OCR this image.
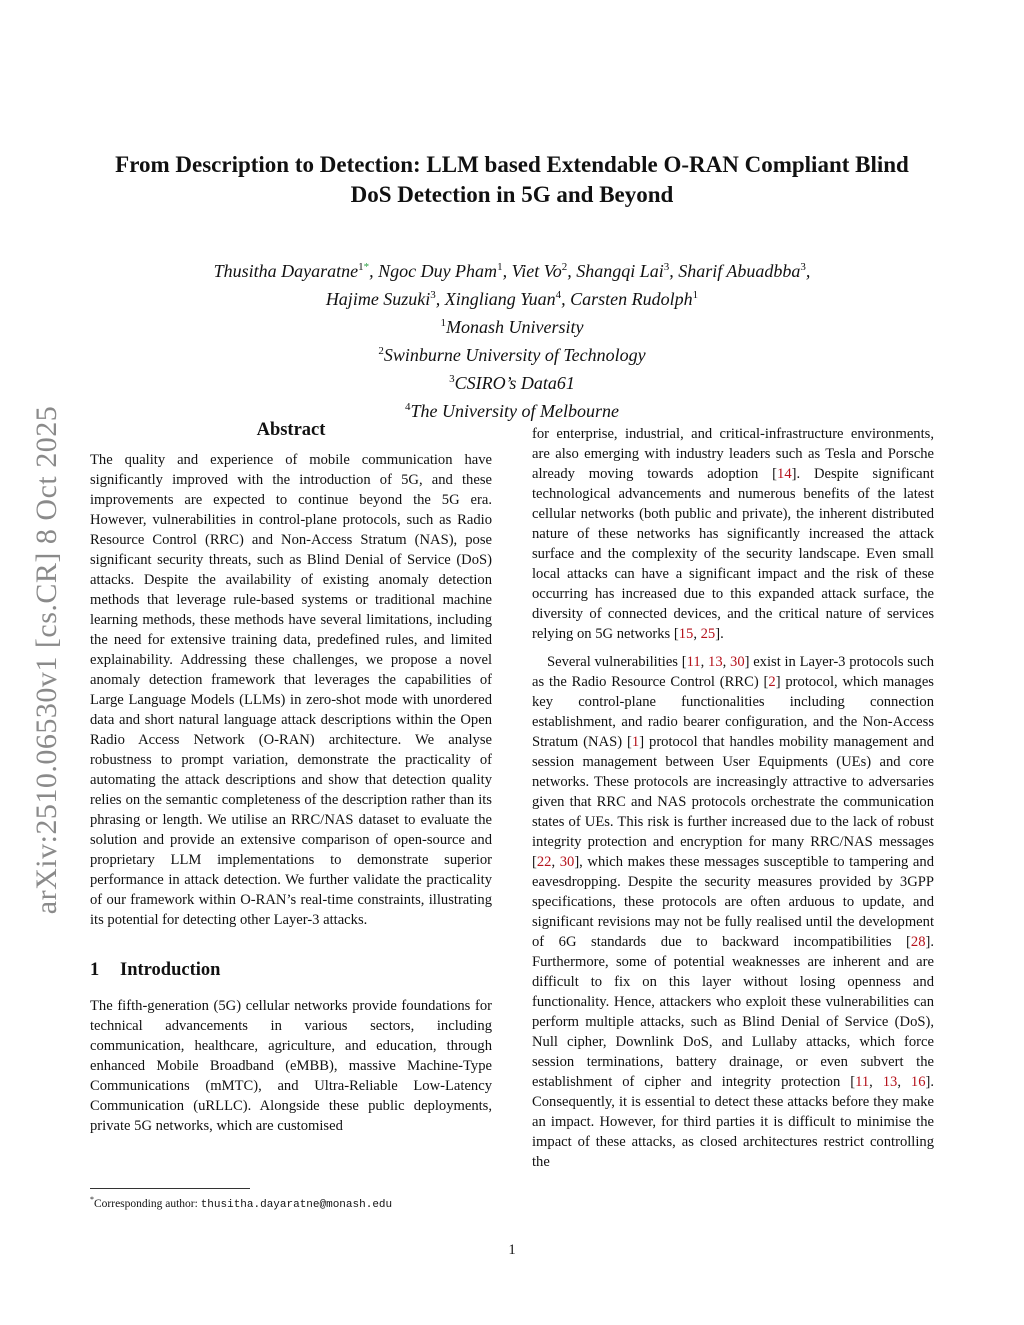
arXiv:2510.06530v1 [cs.CR] 8 Oct 2025
From Description to Detection: LLM based Extendable O-RAN Compliant Blind
DoS Detection in 5G and Beyond
Thusitha Dayaratne$^{1*}$, Ngoc Duy Pham$^1$, Viet Vo$^2$, Shangqi Lai$^3$, Sharif Abuadbba$^3$,
Hajime Suzuki$^3$, Xingliang Yuan$^4$, Carsten Rudolph$^1$
$^1$Monash University
$^2$Swinburne University of Technology
$^3$CSIRO’s Data61
$^4$The University of Melbourne
Abstract

The quality and experience of mobile communication have significantly improved with the introduction of 5G, and these improvements are expected to continue beyond the 5G era. However, vulnerabilities in control-plane protocols, such as Radio Resource Control (RRC) and Non-Access Stratum (NAS), pose significant security threats, such as Blind Denial of Service (DoS) attacks. Despite the availability of existing anomaly detection methods that leverage rule-based systems or traditional machine learning methods, these methods have several limitations, including the need for extensive training data, predefined rules, and limited explainability. Addressing these challenges, we propose a novel anomaly detection framework that leverages the capabilities of Large Language Models (LLMs) in zero-shot mode with unordered data and short natural language attack descriptions within the Open Radio Access Network (O-RAN) architecture. We analyse robustness to prompt variation, demonstrate the practicality of automating the attack descriptions and show that detection quality relies on the semantic completeness of the description rather than its phrasing or length. We utilise an RRC/NAS dataset to evaluate the solution and provide an extensive comparison of open-source and proprietary LLM implementations to demonstrate superior performance in attack detection. We further validate the practicality of our framework within O-RAN’s real-time constraints, illustrating its potential for detecting other Layer-3 attacks.

1 Introduction

The fifth-generation (5G) cellular networks provide foundations for technical advancements in various sectors, including communication, healthcare, agriculture, and education, through enhanced Mobile Broadband (eMBB), massive Machine-Type Communications (mMTC), and Ultra-Reliable Low-Latency Communication (uRLLC). Alongside these public deployments, private 5G networks, which are customised

for enterprise, industrial, and critical-infrastructure environments, are also emerging with industry leaders such as Tesla and Porsche already moving towards adoption [14]. Despite significant technological advancements and numerous benefits of the latest cellular networks (both public and private), the inherent distributed nature of these networks has significantly increased the attack surface and the complexity of the security landscape. Even small local attacks can have a significant impact and the risk of these occurring has increased due to this expanded attack surface, the diversity of connected devices, and the critical nature of services relying on 5G networks [15, 25].

Several vulnerabilities [11, 13, 30] exist in Layer-3 protocols such as the Radio Resource Control (RRC) [2] protocol, which manages key control-plane functionalities including connection establishment, and radio bearer configuration, and the Non-Access Stratum (NAS) [1] protocol that handles mobility management and session management between User Equipments (UEs) and core networks. These protocols are increasingly attractive to adversaries given that RRC and NAS protocols orchestrate the communication states of UEs. This risk is further increased due to the lack of robust integrity protection and encryption for many RRC/NAS messages [22, 30], which makes these messages susceptible to tampering and eavesdropping. Despite the security measures provided by 3GPP specifications, these protocols are often arduous to update, and significant revisions may not be fully realised until the development of 6G standards due to backward incompatibilities [28]. Furthermore, some of potential weaknesses are inherent and are difficult to fix on this layer without losing openness and functionality. Hence, attackers who exploit these vulnerabilities can perform multiple attacks, such as Blind Denial of Service (DoS), Null cipher, Downlink DoS, and Lullaby attacks, which force session terminations, battery drainage, or even subvert the establishment of cipher and integrity protection [11, 13, 16]. Consequently, it is essential to detect these attacks before they make an impact. However, for third parties it is difficult to minimise the impact of these attacks, as closed architectures restrict controlling the

*Corresponding author: thusitha.dayaratne@monash.edu
1
